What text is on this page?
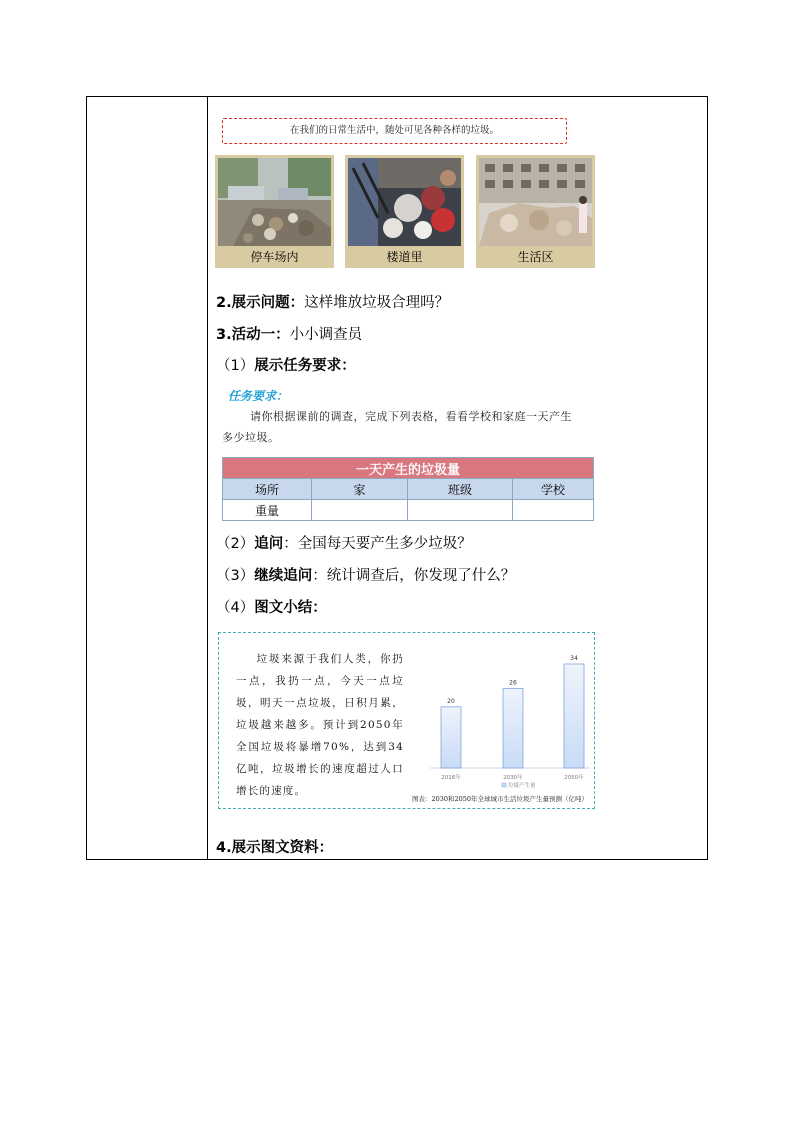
在我们的日常生活中，随处可见各种各样的垃圾。
停车场内	楼道里	生活区
2.展示问题：这样堆放垃圾合理吗？
3.活动一：小小调查员
（1）展示任务要求：
任务要求：
请你根据课前的调查，完成下列表格，看看学校和家庭一天产生多少垃圾。
一天产生的垃圾量			
场所	家	班级	学校
重量			
（2）追问：全国每天要产生多少垃圾？
（3）继续追问：统计调查后，你发现了什么？
（4）图文小结：
垃圾来源于我们人类，你扔一点，我扔一点，今天一点垃圾，明天一点垃圾，日积月累，垃圾越来越多。预计到2050年全国垃圾将暴增70%，达到34亿吨，垃圾增长的速度超过人口增长的速度。
20
2016年
26
2030年
34
2050年
垃圾产生量
图表：2030和2050年全球城市生活垃圾产生量预测（亿吨）
4.展示图文资料：
